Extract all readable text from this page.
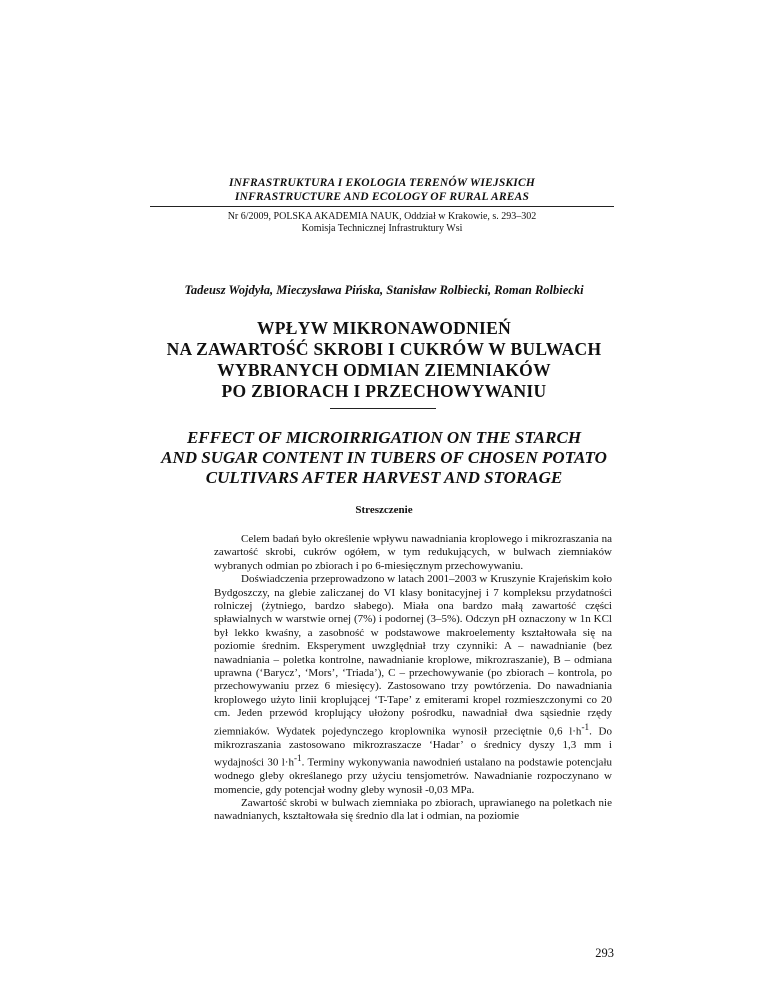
INFRASTRUKTURA I EKOLOGIA TERENÓW WIEJSKICH
INFRASTRUCTURE AND ECOLOGY OF RURAL AREAS
Nr 6/2009, POLSKA AKADEMIA NAUK, Oddział w Krakowie, s. 293–302
Komisja Technicznej Infrastruktury Wsi
Tadeusz Wojdyła, Mieczysława Pińska, Stanisław Rolbiecki, Roman Rolbiecki
WPŁYW MIKRONAWODNIEŃ
NA ZAWARTOŚĆ SKROBI I CUKRÓW W BULWACH
WYBRANYCH ODMIAN ZIEMNIAKÓW
PO ZBIORACH I PRZECHOWYWANIU
EFFECT OF MICROIRRIGATION ON THE STARCH
AND SUGAR CONTENT IN TUBERS OF CHOSEN POTATO
CULTIVARS AFTER HARVEST AND STORAGE
Streszczenie

Celem badań było określenie wpływu nawadniania kroplowego i mikrozraszania na zawartość skrobi, cukrów ogółem, w tym redukujących, w bulwach ziemniaków wybranych odmian po zbiorach i po 6-miesięcznym przechowywaniu.

Doświadczenia przeprowadzono w latach 2001–2003 w Kruszynie Krajeńskim koło Bydgoszczy, na glebie zaliczanej do VI klasy bonitacyjnej i 7 kompleksu przydatności rolniczej (żytniego, bardzo słabego). Miała ona bardzo małą zawartość części spławialnych w warstwie ornej (7%) i podornej (3–5%). Odczyn pH oznaczony w 1n KCl był lekko kwaśny, a zasobność w podstawowe makroelementy kształtowała się na poziomie średnim. Eksperyment uwzględniał trzy czynniki: A – nawadnianie (bez nawadniania – poletka kontrolne, nawadnianie kroplowe, mikrozraszanie), B – odmiana uprawna (‘Barycz’, ‘Mors’, ‘Triada’), C – przechowywanie (po zbiorach – kontrola, po przechowywaniu przez 6 miesięcy). Zastosowano trzy powtórzenia. Do nawadniania kroplowego użyto linii kroplującej ‘T-Tape’ z emiterami kropel rozmieszczonymi co 20 cm. Jeden przewód kroplujący ułożony pośrodku, nawadniał dwa sąsiednie rzędy ziemniaków. Wydatek pojedynczego kroplownika wynosił przeciętnie 0,6 $l\cdot h^{-1}$. Do mikrozraszania zastosowano mikrozraszacze ‘Hadar’ o średnicy dyszy 1,3 mm i wydajności 30 $l\cdot h^{-1}$. Terminy wykonywania nawodnień ustalano na podstawie potencjału wodnego gleby określanego przy użyciu tensjometrów. Nawadnianie rozpoczynano w momencie, gdy potencjał wodny gleby wynosił -0,03 MPa.

Zawartość skrobi w bulwach ziemniaka po zbiorach, uprawianego na poletkach nie nawadnianych, kształtowała się średnio dla lat i odmian, na poziomie

293
